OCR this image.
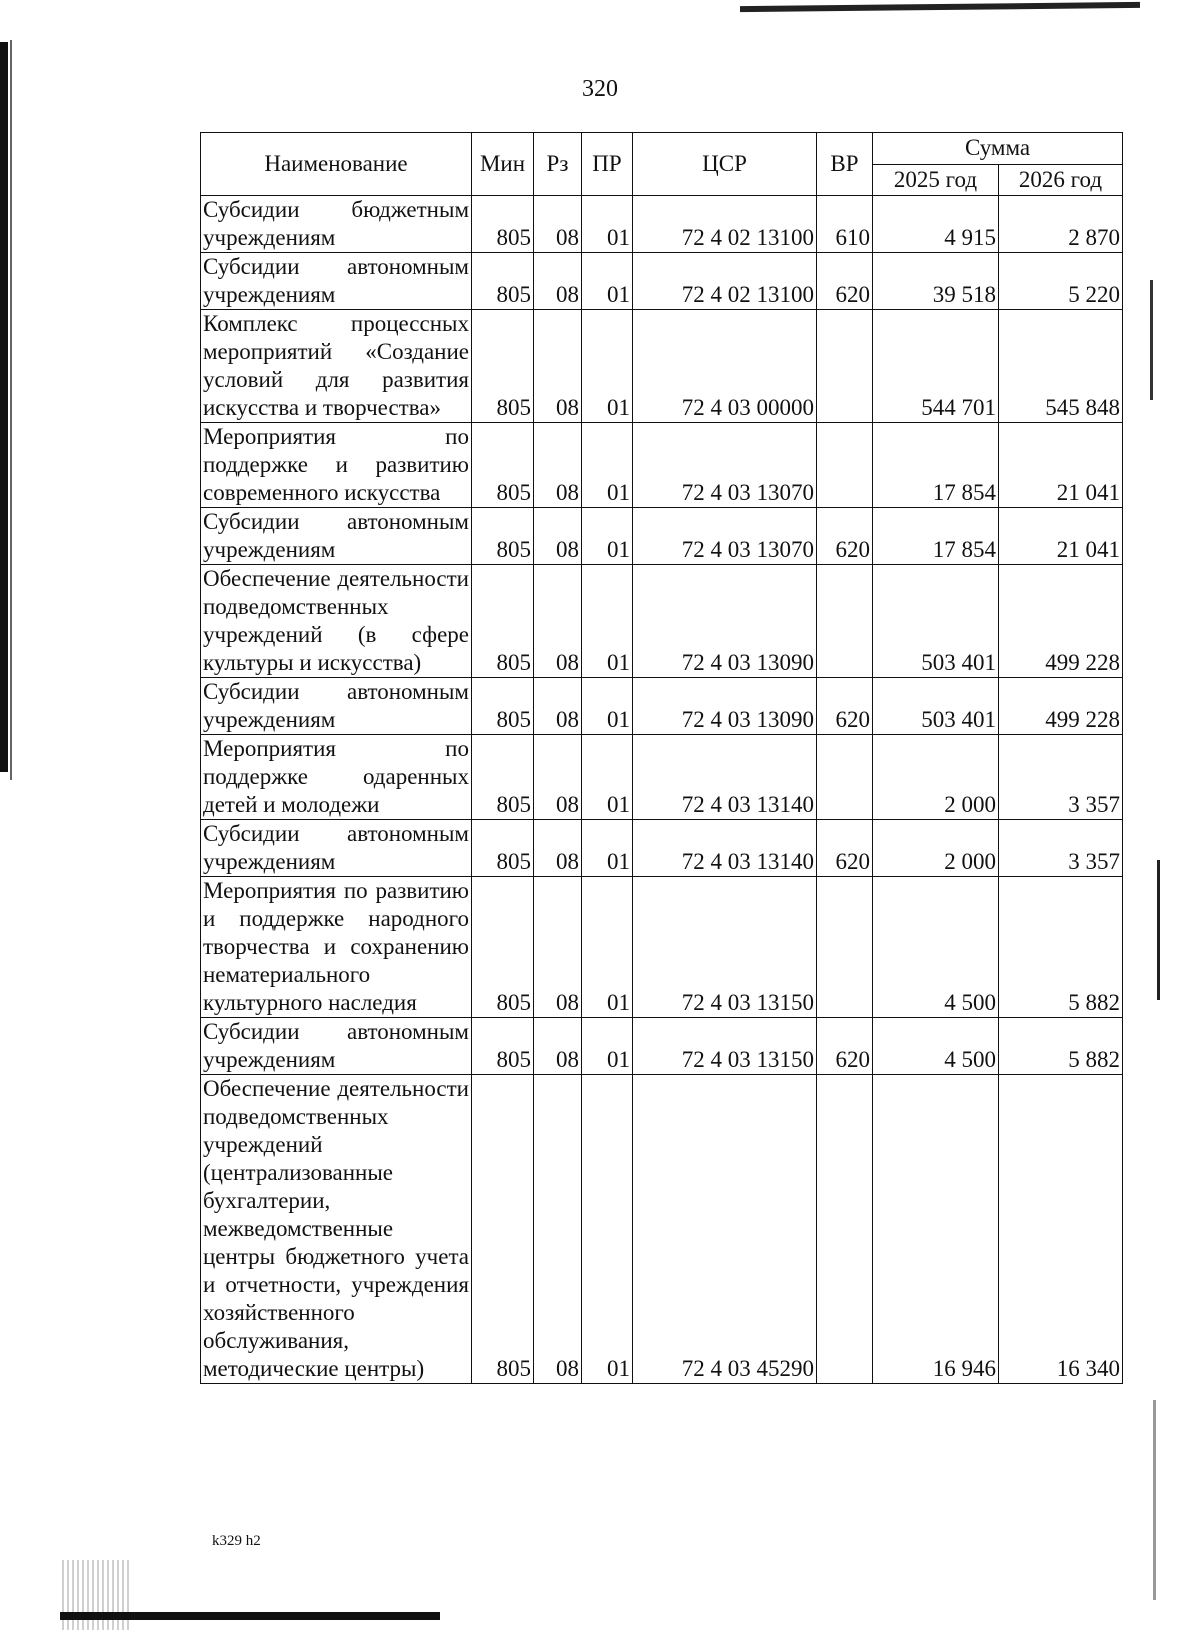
320
Наименование	Мин	Рз	ПР	ЦСР	ВР	Сумма	
						2025 год	2026 год
Субсидии бюджетным учреждениям	805	08	01	72 4 02 13100	610	4 915	2 870
Субсидии автономным учреждениям	805	08	01	72 4 02 13100	620	39 518	5 220
Комплекс процессных мероприятий «Создание условий для развития искусства и творчества»	805	08	01	72 4 03 00000		544 701	545 848
Мероприятия по поддержке и развитию современного искусства	805	08	01	72 4 03 13070		17 854	21 041
Субсидии автономным учреждениям	805	08	01	72 4 03 13070	620	17 854	21 041
Обеспечение деятельности подведомственных учреждений (в сфере культуры и искусства)	805	08	01	72 4 03 13090		503 401	499 228
Субсидии автономным учреждениям	805	08	01	72 4 03 13090	620	503 401	499 228
Мероприятия по поддержке одаренных детей и молодежи	805	08	01	72 4 03 13140		2 000	3 357
Субсидии автономным учреждениям	805	08	01	72 4 03 13140	620	2 000	3 357
Мероприятия по развитию и поддержке народного творчества и сохранению нематериального культурного наследия	805	08	01	72 4 03 13150		4 500	5 882
Субсидии автономным учреждениям	805	08	01	72 4 03 13150	620	4 500	5 882
Обеспечение деятельности подведомственных учреждений (централизованные бухгалтерии, межведомственные центры бюджетного учета и отчетности, учреждения хозяйственного обслуживания, методические центры)	805	08	01	72 4 03 45290		16 946	16 340
k329 h2
